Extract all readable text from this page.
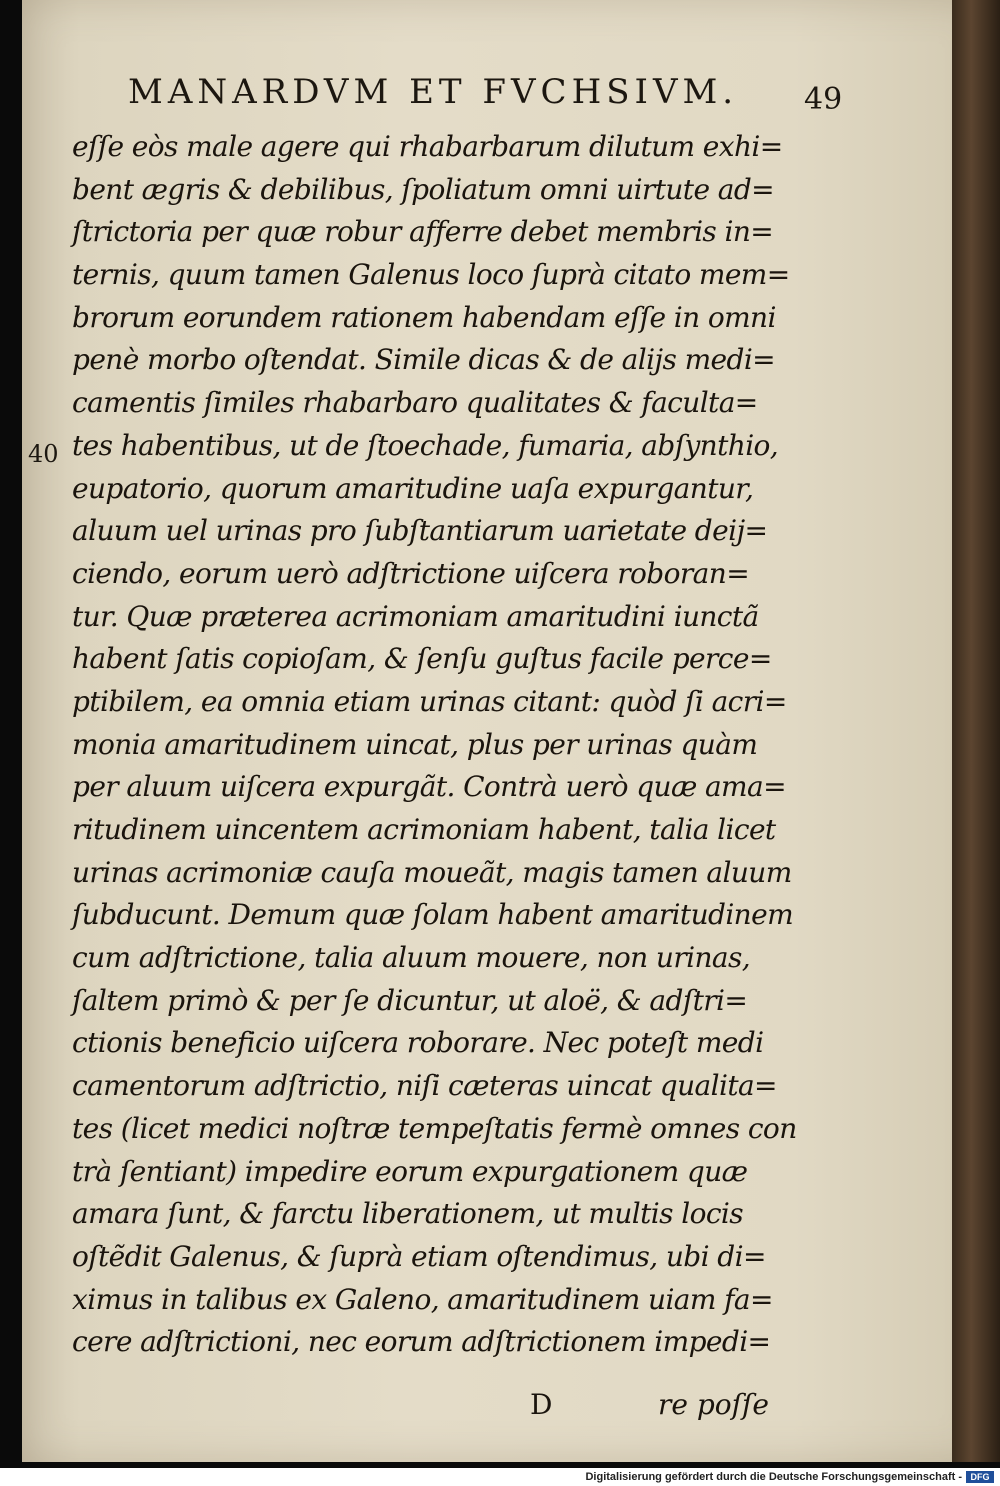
MANARDVM ET FVCHSIVM.	49
40
eſſe eòs male agere qui rhabarbarum dilutum exhi=
bent ægris & debilibus, ſpoliatum omni uirtute ad=
ſtrictoria per quæ robur afferre debet membris in=
ternis, quum tamen Galenus loco ſuprà citato mem=
brorum eorundem rationem habendam eſſe in omni
penè morbo oſtendat. Simile dicas & de aliјs medi=
camentis ſimiles rhabarbaro qualitates & faculta=
tes habentibus, ut de ſtoechade, fumaria, abſynthio,
eupatorio, quorum amaritudine uaſa expurgantur,
aluum uel urinas pro ſubſtantiarum uarietate deiј=
ciendo, eorum uerò adſtrictione uiſcera roboran=
tur. Quæ præterea acrimoniam amaritudini iunctã
habent ſatis copioſam, & ſenſu guſtus facile perce=
ptibilem, ea omnia etiam urinas citant: quòd ſi acri=
monia amaritudinem uincat, plus per urinas quàm
per aluum uiſcera expurgãt. Contrà uerò quæ ama=
ritudinem uincentem acrimoniam habent, talia licet
urinas acrimoniæ cauſa moueãt, magis tamen aluum
ſubducunt. Demum quæ ſolam habent amaritudinem
cum adſtrictione, talia aluum mouere, non urinas,
ſaltem primò & per ſe dicuntur, ut aloë, & adſtri=
ctionis beneficio uiſcera roborare. Nec poteſt medi
camentorum adſtrictio, niſi cæteras uincat qualita=
tes (licet medici noſtræ tempeſtatis fermè omnes con
trà ſentiant) impedire eorum expurgationem quæ
amara ſunt, & farctu liberationem, ut multis locis
oſtẽdit Galenus, & ſuprà etiam oſtendimus, ubi di=
ximus in talibus ex Galeno, amaritudinem uiam fa=
cere adſtrictioni, nec eorum adſtrictionem impedi=
D	re poſſe
Digitalisierung gefördert durch die Deutsche Forschungsgemeinschaft - DFG
